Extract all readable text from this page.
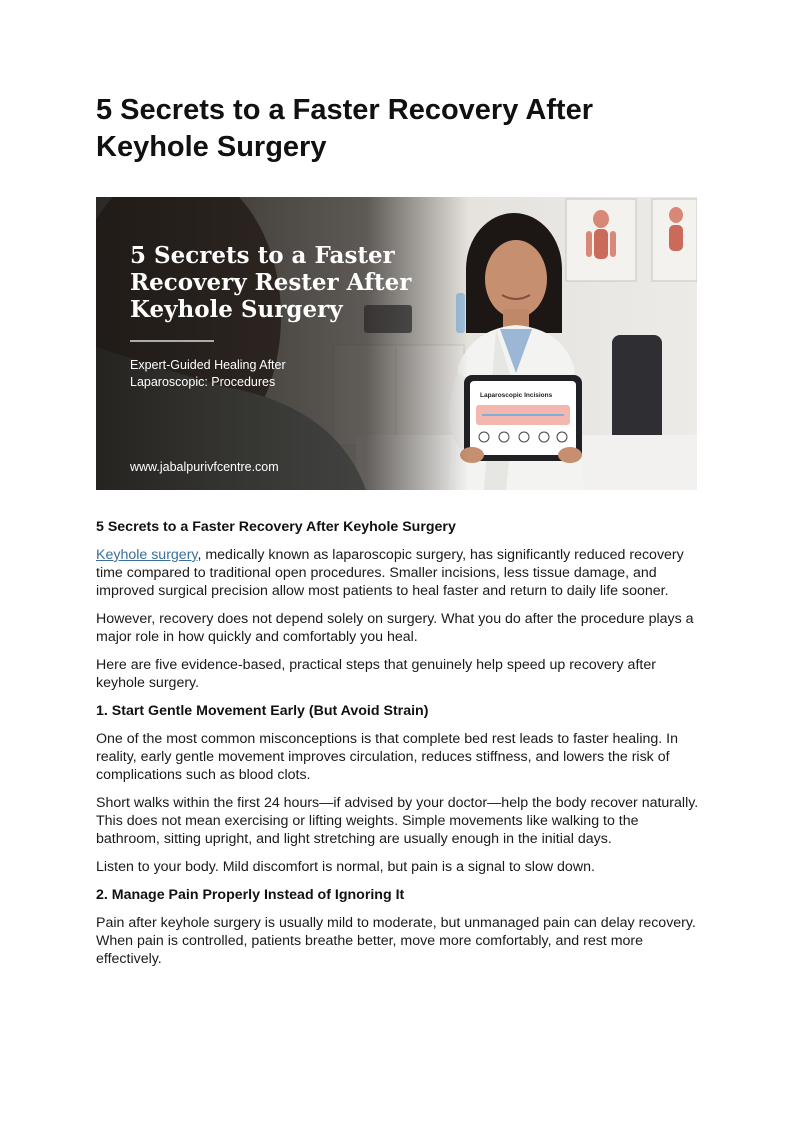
5 Secrets to a Faster Recovery After Keyhole Surgery
5 Secrets to a Faster
Recovery Rester After
Keyhole Surgery
Expert-Guided Healing After
Laparoscopic: Procedures
www.jabalpurivfcentre.com
Laparoscopic Incisions
5 Secrets to a Faster Recovery After Keyhole Surgery

Keyhole surgery, medically known as laparoscopic surgery, has significantly reduced recovery time compared to traditional open procedures. Smaller incisions, less tissue damage, and improved surgical precision allow most patients to heal faster and return to daily life sooner.

However, recovery does not depend solely on surgery. What you do after the procedure plays a major role in how quickly and comfortably you heal.

Here are five evidence-based, practical steps that genuinely help speed up recovery after keyhole surgery.

1. Start Gentle Movement Early (But Avoid Strain)

One of the most common misconceptions is that complete bed rest leads to faster healing. In reality, early gentle movement improves circulation, reduces stiffness, and lowers the risk of complications such as blood clots.

Short walks within the first 24 hours—if advised by your doctor—help the body recover naturally. This does not mean exercising or lifting weights. Simple movements like walking to the bathroom, sitting upright, and light stretching are usually enough in the initial days.

Listen to your body. Mild discomfort is normal, but pain is a signal to slow down.

2. Manage Pain Properly Instead of Ignoring It

Pain after keyhole surgery is usually mild to moderate, but unmanaged pain can delay recovery. When pain is controlled, patients breathe better, move more comfortably, and rest more effectively.
